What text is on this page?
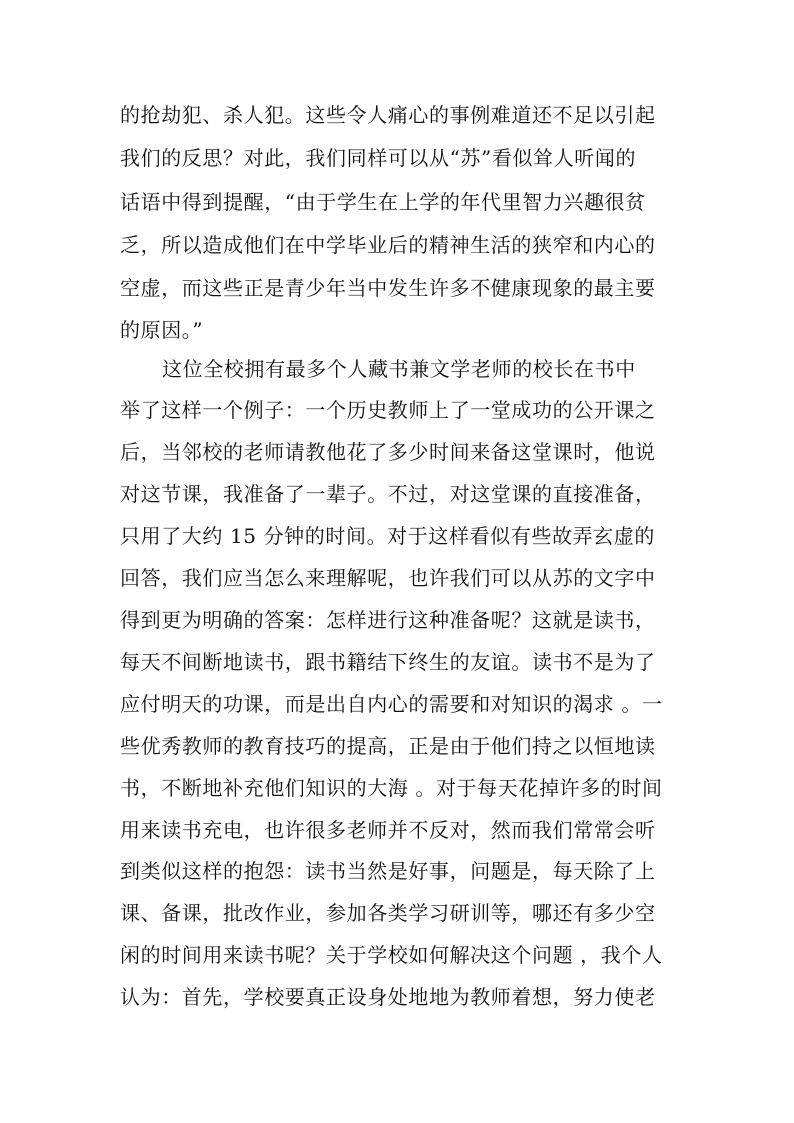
的抢劫犯、杀人犯。这些令人痛心的事例难道还不足以引起
我们的反思？对此，我们同样可以从“苏”看似耸人听闻的
话语中得到提醒，“由于学生在上学的年代里智力兴趣很贫
乏，所以造成他们在中学毕业后的精神生活的狭窄和内心的
空虚，而这些正是青少年当中发生许多不健康现象的最主要
的原因。”
这位全校拥有最多个人藏书兼文学老师的校长在书中
举了这样一个例子：一个历史教师上了一堂成功的公开课之
后，当邻校的老师请教他花了多少时间来备这堂课时，他说
对这节课，我准备了一辈子。不过，对这堂课的直接准备，
只用了大约 15 分钟的时间。对于这样看似有些故弄玄虚的
回答，我们应当怎么来理解呢，也许我们可以从苏的文字中
得到更为明确的答案：怎样进行这种准备呢？这就是读书，
每天不间断地读书，跟书籍结下终生的友谊。读书不是为了
应付明天的功课，而是出自内心的需要和对知识的渴求 。一
些优秀教师的教育技巧的提高，正是由于他们持之以恒地读
书，不断地补充他们知识的大海 。对于每天花掉许多的时间
用来读书充电，也许很多老师并不反对，然而我们常常会听
到类似这样的抱怨：读书当然是好事，问题是，每天除了上
课、备课，批改作业，参加各类学习研训等，哪还有多少空
闲的时间用来读书呢？关于学校如何解决这个问题 ，我个人
认为：首先，学校要真正设身处地地为教师着想，努力使老
